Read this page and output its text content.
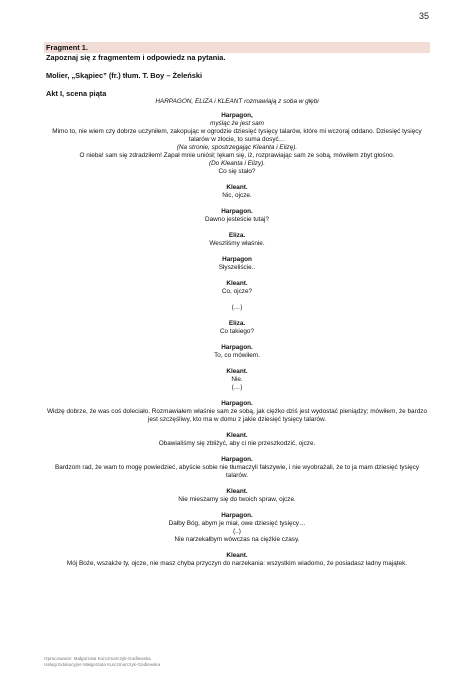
35
Fragment 1.
Zapoznaj się z fragmentem i odpowiedz na pytania.
Molier, „Skąpiec” (fr.) tłum. T. Boy – Żeleński
Akt I, scena piąta
HARPAGON, ELIZA i KLEANT rozmawiają z soba w głębi
Harpagon,
myśląc że jest sam
Mimo to, nie wiem czy dobrze uczyniłem, zakopując w ogrodzie dziesięć tysięcy talarów, które mi wczoraj oddano. Dziesięć tysięcy talarów w złocie, to suma dosyć…
(Na stronie, spostrzegając Kleanta i Elizę).
O nieba! sam się zdradziłem! Zapał mnie uniósł; lękam się, iż, rozprawiając sam ze sobą, mówiłem zbyt głośno.
(Do Kleanta i Elizy).
Co się stało?
Kleant.
Nic, ojcze.
Harpagon.
Dawno jesteście tutaj?
Eliza.
Weszliśmy właśnie.
Harpagon
Słyszeliście..
Kleant.
Co, ojcze?
(…)
Eliza.
Co takiego?
Harpagon.
To, co mówiłem.
Kleant.
Nie.
(…)
Harpagon.
Widzę dobrze, że was coś doleciało. Rozmawiałem właśnie sam ze sobą, jak ciężko dziś jest wydostać pieniądzy; mówiłem, że bardzo jest szczęśliwy, kto ma w domu z jakie dziesięć tysięcy talarów.
Kleant.
Obawialiśmy się zbliżyć, aby ci nie przeszkodzić, ojcze.
Harpagon.
Bardzom rad, że wam to mogę powiedzieć, abyście sobie nie tłumaczyli fałszywie, i nie wyobrażali, że to ja mam dziesięć tysięcy talarów.
Kleant.
Nie mieszamy się do twoich spraw, ojcze.
Harpagon.
Dałby Bóg, abym je miał, owe dziesięć tysięcy…
(..)
Nie narzekałbym wówczas na ciężkie czasy.
Kleant.
Mój Boże, wszakże ty, ojcze, nie masz chyba przyczyn do narzekania: wszystkim wiadomo, że posiadasz ładny majątek.
Opracowanie: Małgorzata Kurczmarczyk-Godlewska
Usługi Edukacyjne Małgorzata Kurczmarczyk-Godlewska
